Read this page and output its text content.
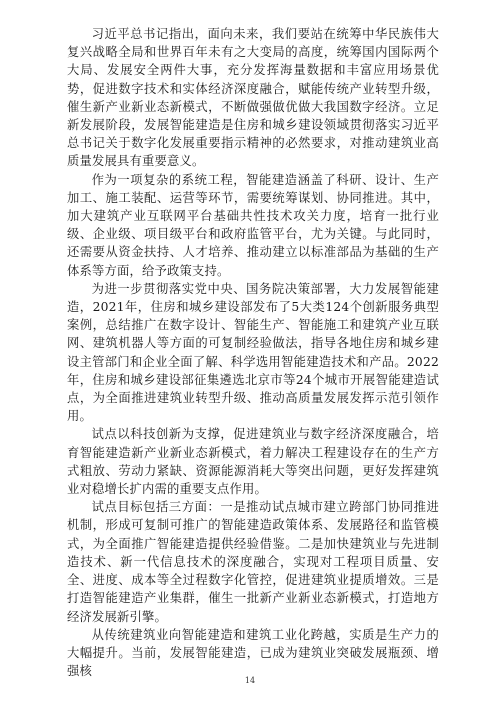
习近平总书记指出，面向未来，我们要站在统筹中华民族伟大复兴战略全局和世界百年未有之大变局的高度，统筹国内国际两个大局、发展安全两件大事，充分发挥海量数据和丰富应用场景优势，促进数字技术和实体经济深度融合，赋能传统产业转型升级，催生新产业新业态新模式，不断做强做优做大我国数字经济。立足新发展阶段，发展智能建造是住房和城乡建设领域贯彻落实习近平总书记关于数字化发展重要指示精神的必然要求，对推动建筑业高质量发展具有重要意义。

作为一项复杂的系统工程，智能建造涵盖了科研、设计、生产加工、施工装配、运营等环节，需要统筹谋划、协同推进。其中，加大建筑产业互联网平台基础共性技术攻关力度，培育一批行业级、企业级、项目级平台和政府监管平台，尤为关键。与此同时，还需要从资金扶持、人才培养、推动建立以标准部品为基础的生产体系等方面，给予政策支持。

为进一步贯彻落实党中央、国务院决策部署，大力发展智能建造，2021年，住房和城乡建设部发布了5大类124个创新服务典型案例，总结推广在数字设计、智能生产、智能施工和建筑产业互联网、建筑机器人等方面的可复制经验做法，指导各地住房和城乡建设主管部门和企业全面了解、科学选用智能建造技术和产品。2022年，住房和城乡建设部征集遴选北京市等24个城市开展智能建造试点，为全面推进建筑业转型升级、推动高质量发展发挥示范引领作用。

试点以科技创新为支撑，促进建筑业与数字经济深度融合，培育智能建造新产业新业态新模式，着力解决工程建设存在的生产方式粗放、劳动力紧缺、资源能源消耗大等突出问题，更好发挥建筑业对稳增长扩内需的重要支点作用。

试点目标包括三方面：一是推动试点城市建立跨部门协同推进机制，形成可复制可推广的智能建造政策体系、发展路径和监管模式，为全面推广智能建造提供经验借鉴。二是加快建筑业与先进制造技术、新一代信息技术的深度融合，实现对工程项目质量、安全、进度、成本等全过程数字化管控，促进建筑业提质增效。三是打造智能建造产业集群，催生一批新产业新业态新模式，打造地方经济发展新引擎。

从传统建筑业向智能建造和建筑工业化跨越，实质是生产力的大幅提升。当前，发展智能建造，已成为建筑业突破发展瓶颈、增强核

14
